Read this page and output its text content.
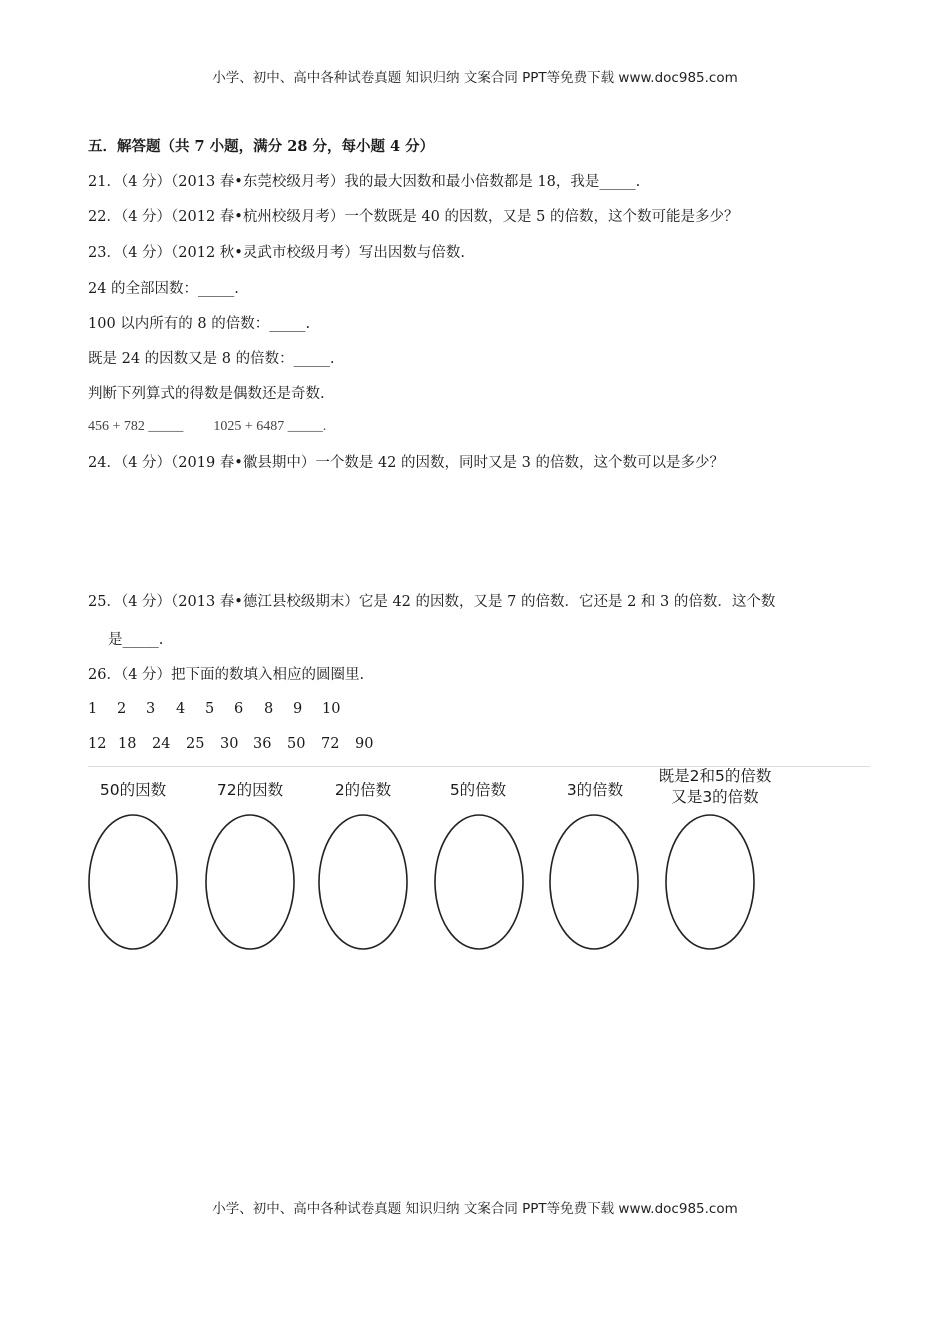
小学、初中、高中各种试卷真题 知识归纳 文案合同 PPT等免费下载 www.doc985.com
五．解答题（共 7 小题，满分 28 分，每小题 4 分）
21．（4 分）（2013 春•东莞校级月考）我的最大因数和最小倍数都是 18，我是_____.
22．（4 分）（2012 春•杭州校级月考）一个数既是 40 的因数，又是 5 的倍数，这个数可能是多少？
23．（4 分）（2012 秋•灵武市校级月考）写出因数与倍数.
24 的全部因数：_____.
100 以内所有的 8 的倍数：_____.
既是 24 的因数又是 8 的倍数：_____.
判断下列算式的得数是偶数还是奇数.
456 + 782 _____ 1025 + 6487 _____.
24．（4 分）（2019 春•徽县期中）一个数是 42 的因数，同时又是 3 的倍数，这个数可以是多少？
25．（4 分）（2013 春•德江县校级期末）它是 42 的因数，又是 7 的倍数．它还是 2 和 3 的倍数．这个数
是_____.
26．（4 分）把下面的数填入相应的圆圈里.
1 2 3 4 5 6 8 9 10
12 18 24 25 30 36 50 72 90
50的因数	72的因数	2的倍数	5的倍数	3的倍数
既是2和5的倍数
又是3的倍数
小学、初中、高中各种试卷真题 知识归纳 文案合同 PPT等免费下载 www.doc985.com
